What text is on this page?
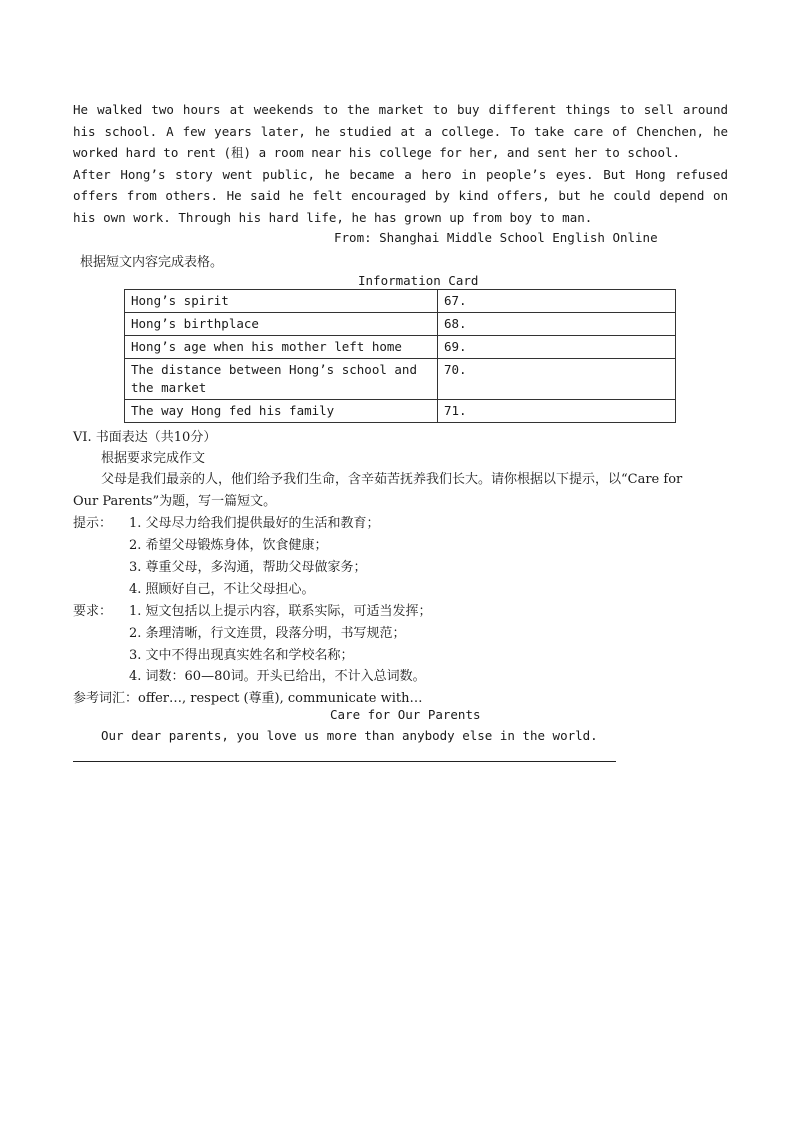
He walked two hours at weekends to the market to buy different things to sell around his school. A few years later, he studied at a college. To take care of Chenchen, he worked hard to rent (租) a room near his college for her, and sent her to school.

After Hong’s story went public, he became a hero in people’s eyes. But Hong refused offers from others. He said he felt encouraged by kind offers, but he could depend on his own work. Through his hard life, he has grown up from boy to man.

From: Shanghai Middle School English Online
根据短文内容完成表格。
Information Card
Hong’s spirit	67.
Hong’s birthplace	68.
Hong’s age when his mother left home	69.
The distance between Hong’s school and the market	70.
The way Hong fed his family	71.
VI. 书面表达（共10分）
根据要求完成作文
父母是我们最亲的人，他们给予我们生命，含辛茹苦抚养我们长大。请你根据以下提示，以“Care for
Our Parents”为题，写一篇短文。
提示： 1. 父母尽力给我们提供最好的生活和教育；
2. 希望父母锻炼身体，饮食健康；
3. 尊重父母，多沟通，帮助父母做家务；
4. 照顾好自己，不让父母担心。
要求： 1. 短文包括以上提示内容，联系实际，可适当发挥；
2. 条理清晰，行文连贯，段落分明，书写规范；
3. 文中不得出现真实姓名和学校名称；
4. 词数：60—80词。开头已给出，不计入总词数。
参考词汇：offer…, respect (尊重), communicate with…
Care for Our Parents
Our dear parents, you love us more than anybody else in the world.
